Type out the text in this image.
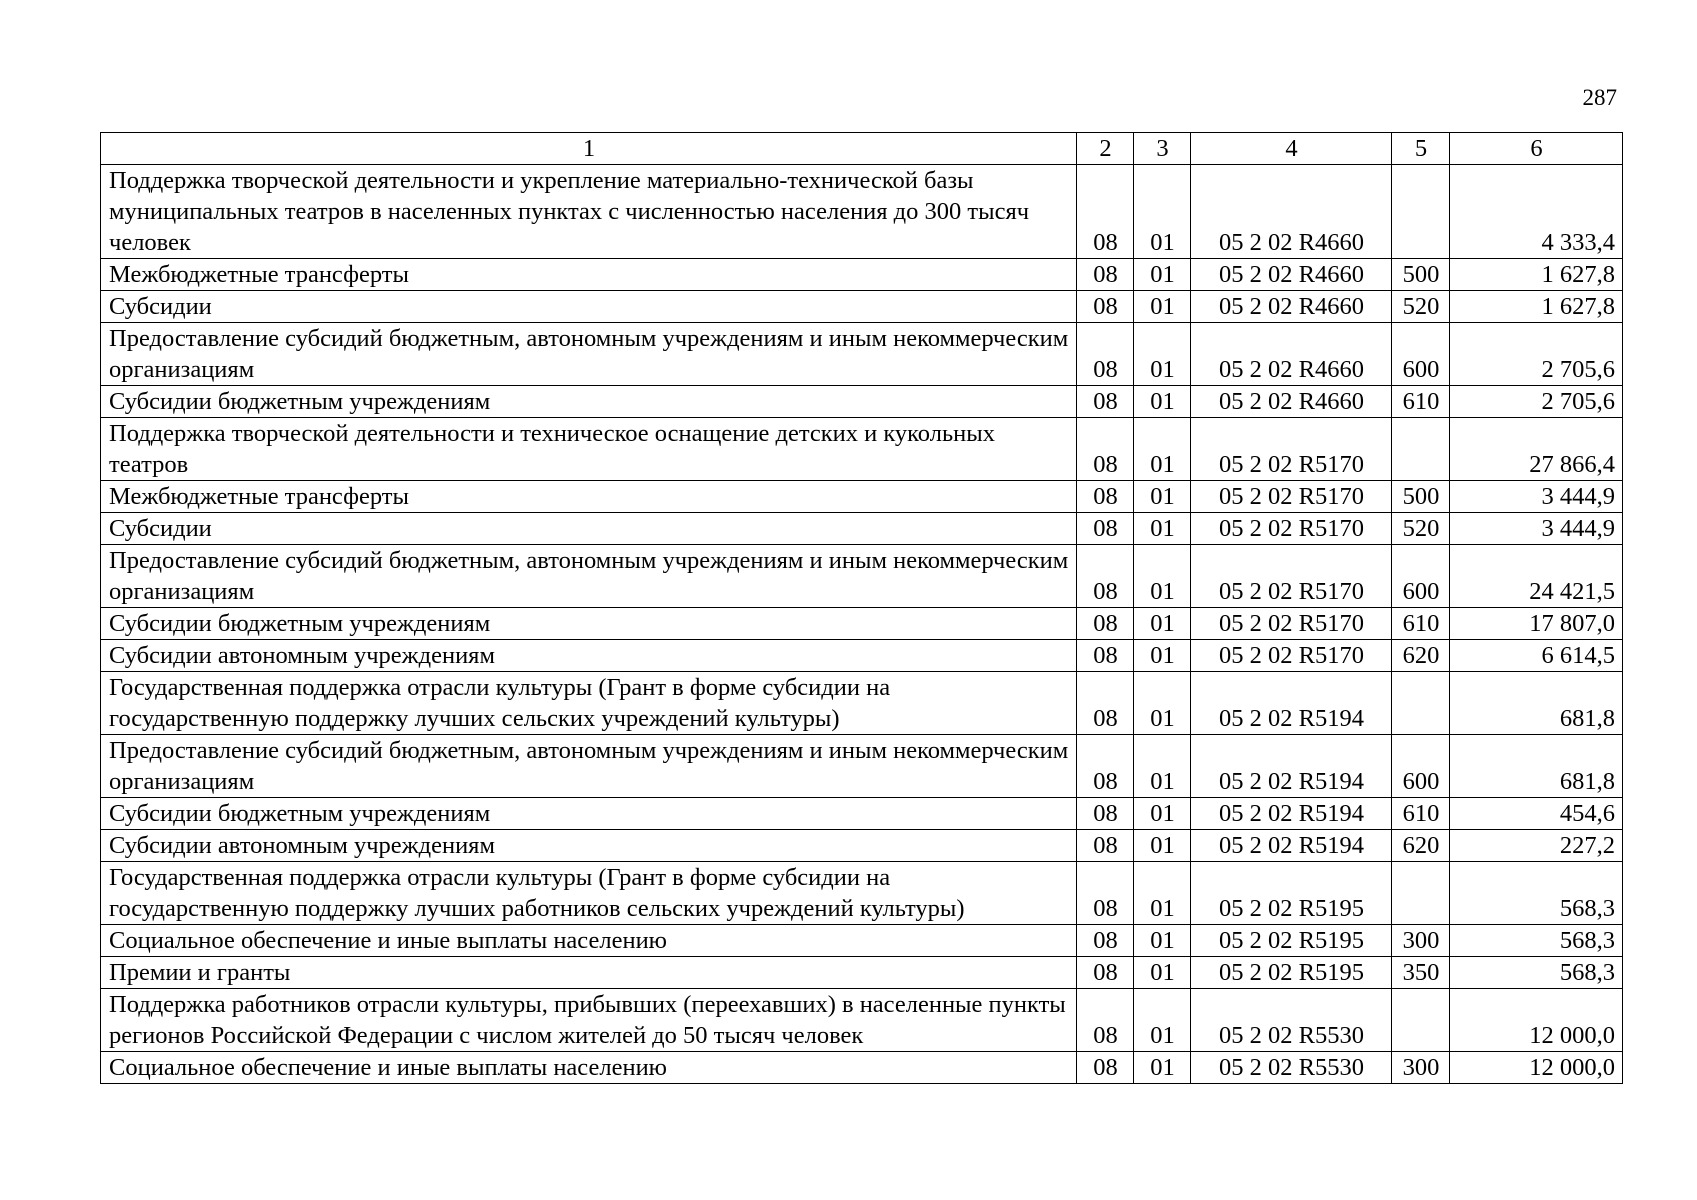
287
1	2	3	4	5	6
Поддержка творческой деятельности и укрепление материально-технической базы муниципальных театров в населенных пунктах с численностью населения до 300 тысяч человек	08	01	05 2 02 R4660		4 333,4
Межбюджетные трансферты	08	01	05 2 02 R4660	500	1 627,8
Субсидии	08	01	05 2 02 R4660	520	1 627,8
Предоставление субсидий бюджетным, автономным учреждениям и иным некоммерческим организациям	08	01	05 2 02 R4660	600	2 705,6
Субсидии бюджетным учреждениям	08	01	05 2 02 R4660	610	2 705,6
Поддержка творческой деятельности и техническое оснащение детских и кукольных театров	08	01	05 2 02 R5170		27 866,4
Межбюджетные трансферты	08	01	05 2 02 R5170	500	3 444,9
Субсидии	08	01	05 2 02 R5170	520	3 444,9
Предоставление субсидий бюджетным, автономным учреждениям и иным некоммерческим организациям	08	01	05 2 02 R5170	600	24 421,5
Субсидии бюджетным учреждениям	08	01	05 2 02 R5170	610	17 807,0
Субсидии автономным учреждениям	08	01	05 2 02 R5170	620	6 614,5
Государственная поддержка отрасли культуры (Грант в форме субсидии на государственную поддержку лучших сельских учреждений культуры)	08	01	05 2 02 R5194		681,8
Предоставление субсидий бюджетным, автономным учреждениям и иным некоммерческим организациям	08	01	05 2 02 R5194	600	681,8
Субсидии бюджетным учреждениям	08	01	05 2 02 R5194	610	454,6
Субсидии автономным учреждениям	08	01	05 2 02 R5194	620	227,2
Государственная поддержка отрасли культуры (Грант в форме субсидии на государственную поддержку лучших работников сельских учреждений культуры)	08	01	05 2 02 R5195		568,3
Социальное обеспечение и иные выплаты населению	08	01	05 2 02 R5195	300	568,3
Премии и гранты	08	01	05 2 02 R5195	350	568,3
Поддержка работников отрасли культуры, прибывших (переехавших) в населенные пункты регионов Российской Федерации с числом жителей до 50 тысяч человек	08	01	05 2 02 R5530		12 000,0
Социальное обеспечение и иные выплаты населению	08	01	05 2 02 R5530	300	12 000,0
